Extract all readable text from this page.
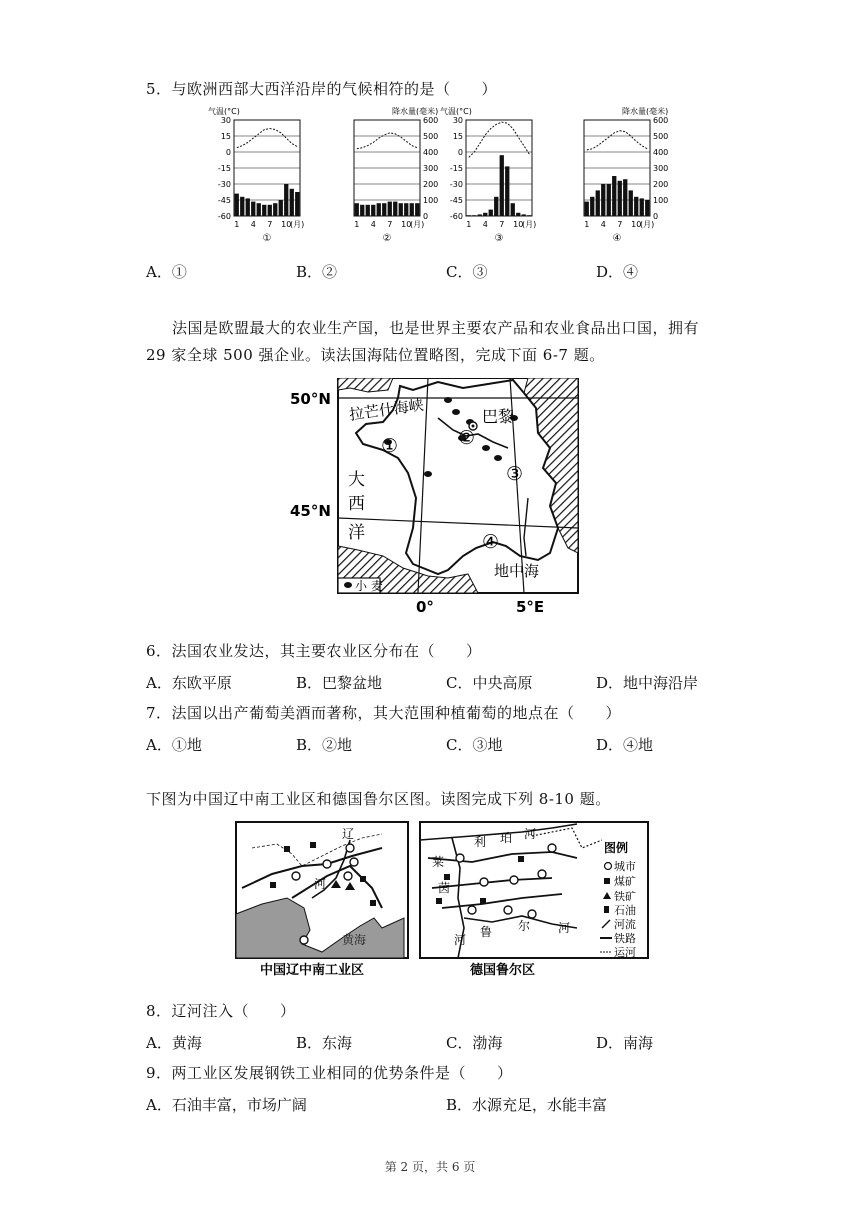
5．与欧洲西部大西洋沿岸的气候相符的是（　　）
气温(°C)
30
15
0
-15
-30
-45
-60
1 4 7 10
(月)
①
降水量(毫米)
600
500
400
300
200
100
0
1 4 7 10
(月)
②
气温(°C)
30
15
0
-15
-30
-45
-60
1 4 7 10
(月)
③
降水量(毫米)
600
500
400
300
200
100
0
1 4 7 10
(月)
④
A．①	B．②	C．③	D．④
法国是欧盟最大的农业生产国，也是世界主要农产品和农业食品出口国，拥有
29 家全球 500 强企业。读法国海陆位置略图，完成下面 6-7 题。
50°N
45°N
0°	5°E
拉芒什海峡	巴黎
大
西
洋
地中海
①	②
③
④
小 麦
6．法国农业发达，其主要农业区分布在（　　）
A．东欧平原	B．巴黎盆地	C．中央高原	D．地中海沿岸
7．法国以出产葡萄美酒而著称，其大范围种植葡萄的地点在（　　）
A．①地	B．②地	C．③地	D．④地
下图为中国辽中南工业区和德国鲁尔区图。读图完成下列 8-10 题。
辽
河
黄海
利 珀 河
莱
茵
河
鲁 尔 河
图例
城市
煤矿
铁矿
石油
河流
铁路
运河
中国辽中南工业区	德国鲁尔区
8．辽河注入（　　）
A．黄海	B．东海	C．渤海	D．南海
9．两工业区发展钢铁工业相同的优势条件是（　　）
A．石油丰富，市场广阔	B．水源充足，水能丰富
第 2 页，共 6 页
